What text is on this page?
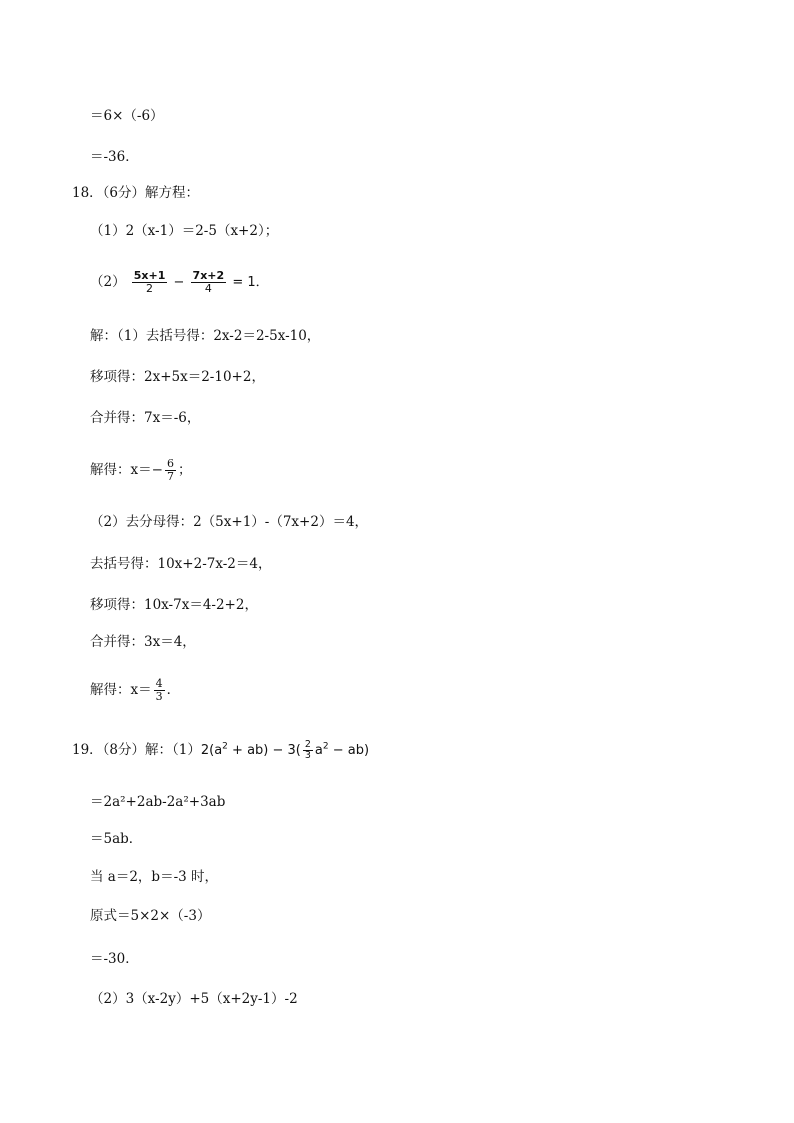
＝6×（-6）
＝-36．
18．（6分）解方程：
（1）2（x-1）＝2-5（x+2）；
$(2) \frac{5x+1}{2} - \frac{7x+2}{4} = 1$．
解：（1）去括号得：2x-2＝2-5x-10，
移项得：2x+5x＝2-10+2，
合并得：7x＝-6，
解得：$x=- \frac{6}{7}$ ；
（2）去分母得：2（5x+1）-（7x+2）＝4，
去括号得：10x+2-7x-2＝4，
移项得：10x-7x＝4-2+2，
合并得：3x＝4，
解得：$x= \frac{4}{3}$ ．
19．（8分）解：$(1)2(a^2 + ab) - 3( \frac{2}{3} a^2 - ab)$
＝2a²+2ab-2a²+3ab
＝5ab．
当 a＝2，b＝-3 时，
原式＝5×2×（-3）
＝-30．
（2）3（x-2y）+5（x+2y-1）-2
